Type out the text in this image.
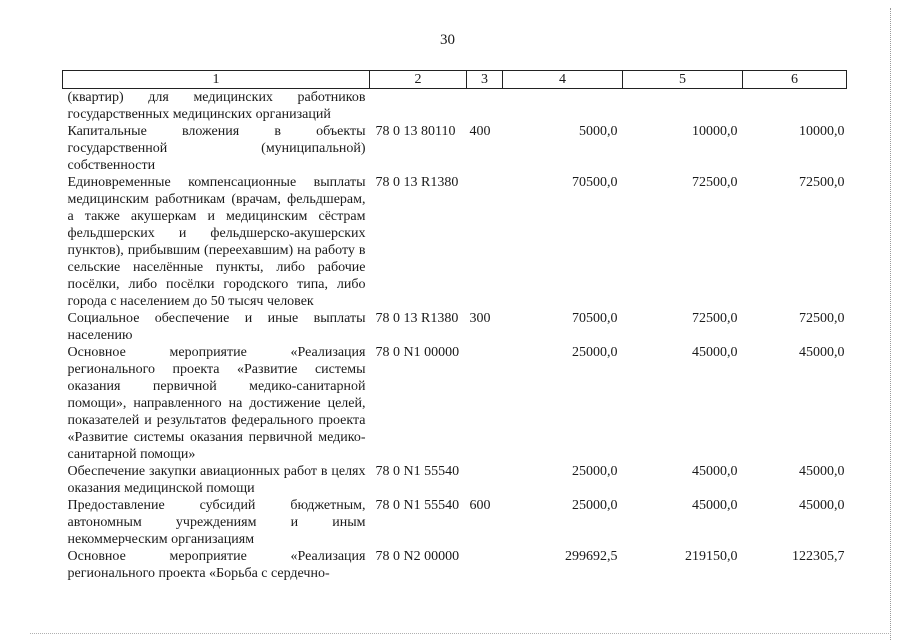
30
1	2	3	4	5	6
(квартир) для медицинских работников государственных медицинских организаций					
Капитальные вложения в объекты государственной (муниципальной) собственности	78 0 13 80110	400	5000,0	10000,0	10000,0
Единовременные компенсационные выплаты медицинским работникам (врачам, фельдшерам, а также акушеркам и медицинским сёстрам фельдшерских и фельдшерско-акушерских пунктов), прибывшим (переехавшим) на работу в сельские населённые пункты, либо рабочие посёлки, либо посёлки городского типа, либо города с населением до 50 тысяч человек	78 0 13 R1380		70500,0	72500,0	72500,0
Социальное обеспечение и иные выплаты населению	78 0 13 R1380	300	70500,0	72500,0	72500,0
Основное мероприятие «Реализация регионального проекта «Развитие системы оказания первичной медико-санитарной помощи», направленного на достижение целей, показателей и результатов федерального проекта «Развитие системы оказания первичной медико-санитарной помощи»	78 0 N1 00000		25000,0	45000,0	45000,0
Обеспечение закупки авиационных работ в целях оказания медицинской помощи	78 0 N1 55540		25000,0	45000,0	45000,0
Предоставление субсидий бюджетным, автономным учреждениям и иным некоммерческим организациям	78 0 N1 55540	600	25000,0	45000,0	45000,0
Основное мероприятие «Реализация регионального проекта «Борьба с сердечно-	78 0 N2 00000		299692,5	219150,0	122305,7
